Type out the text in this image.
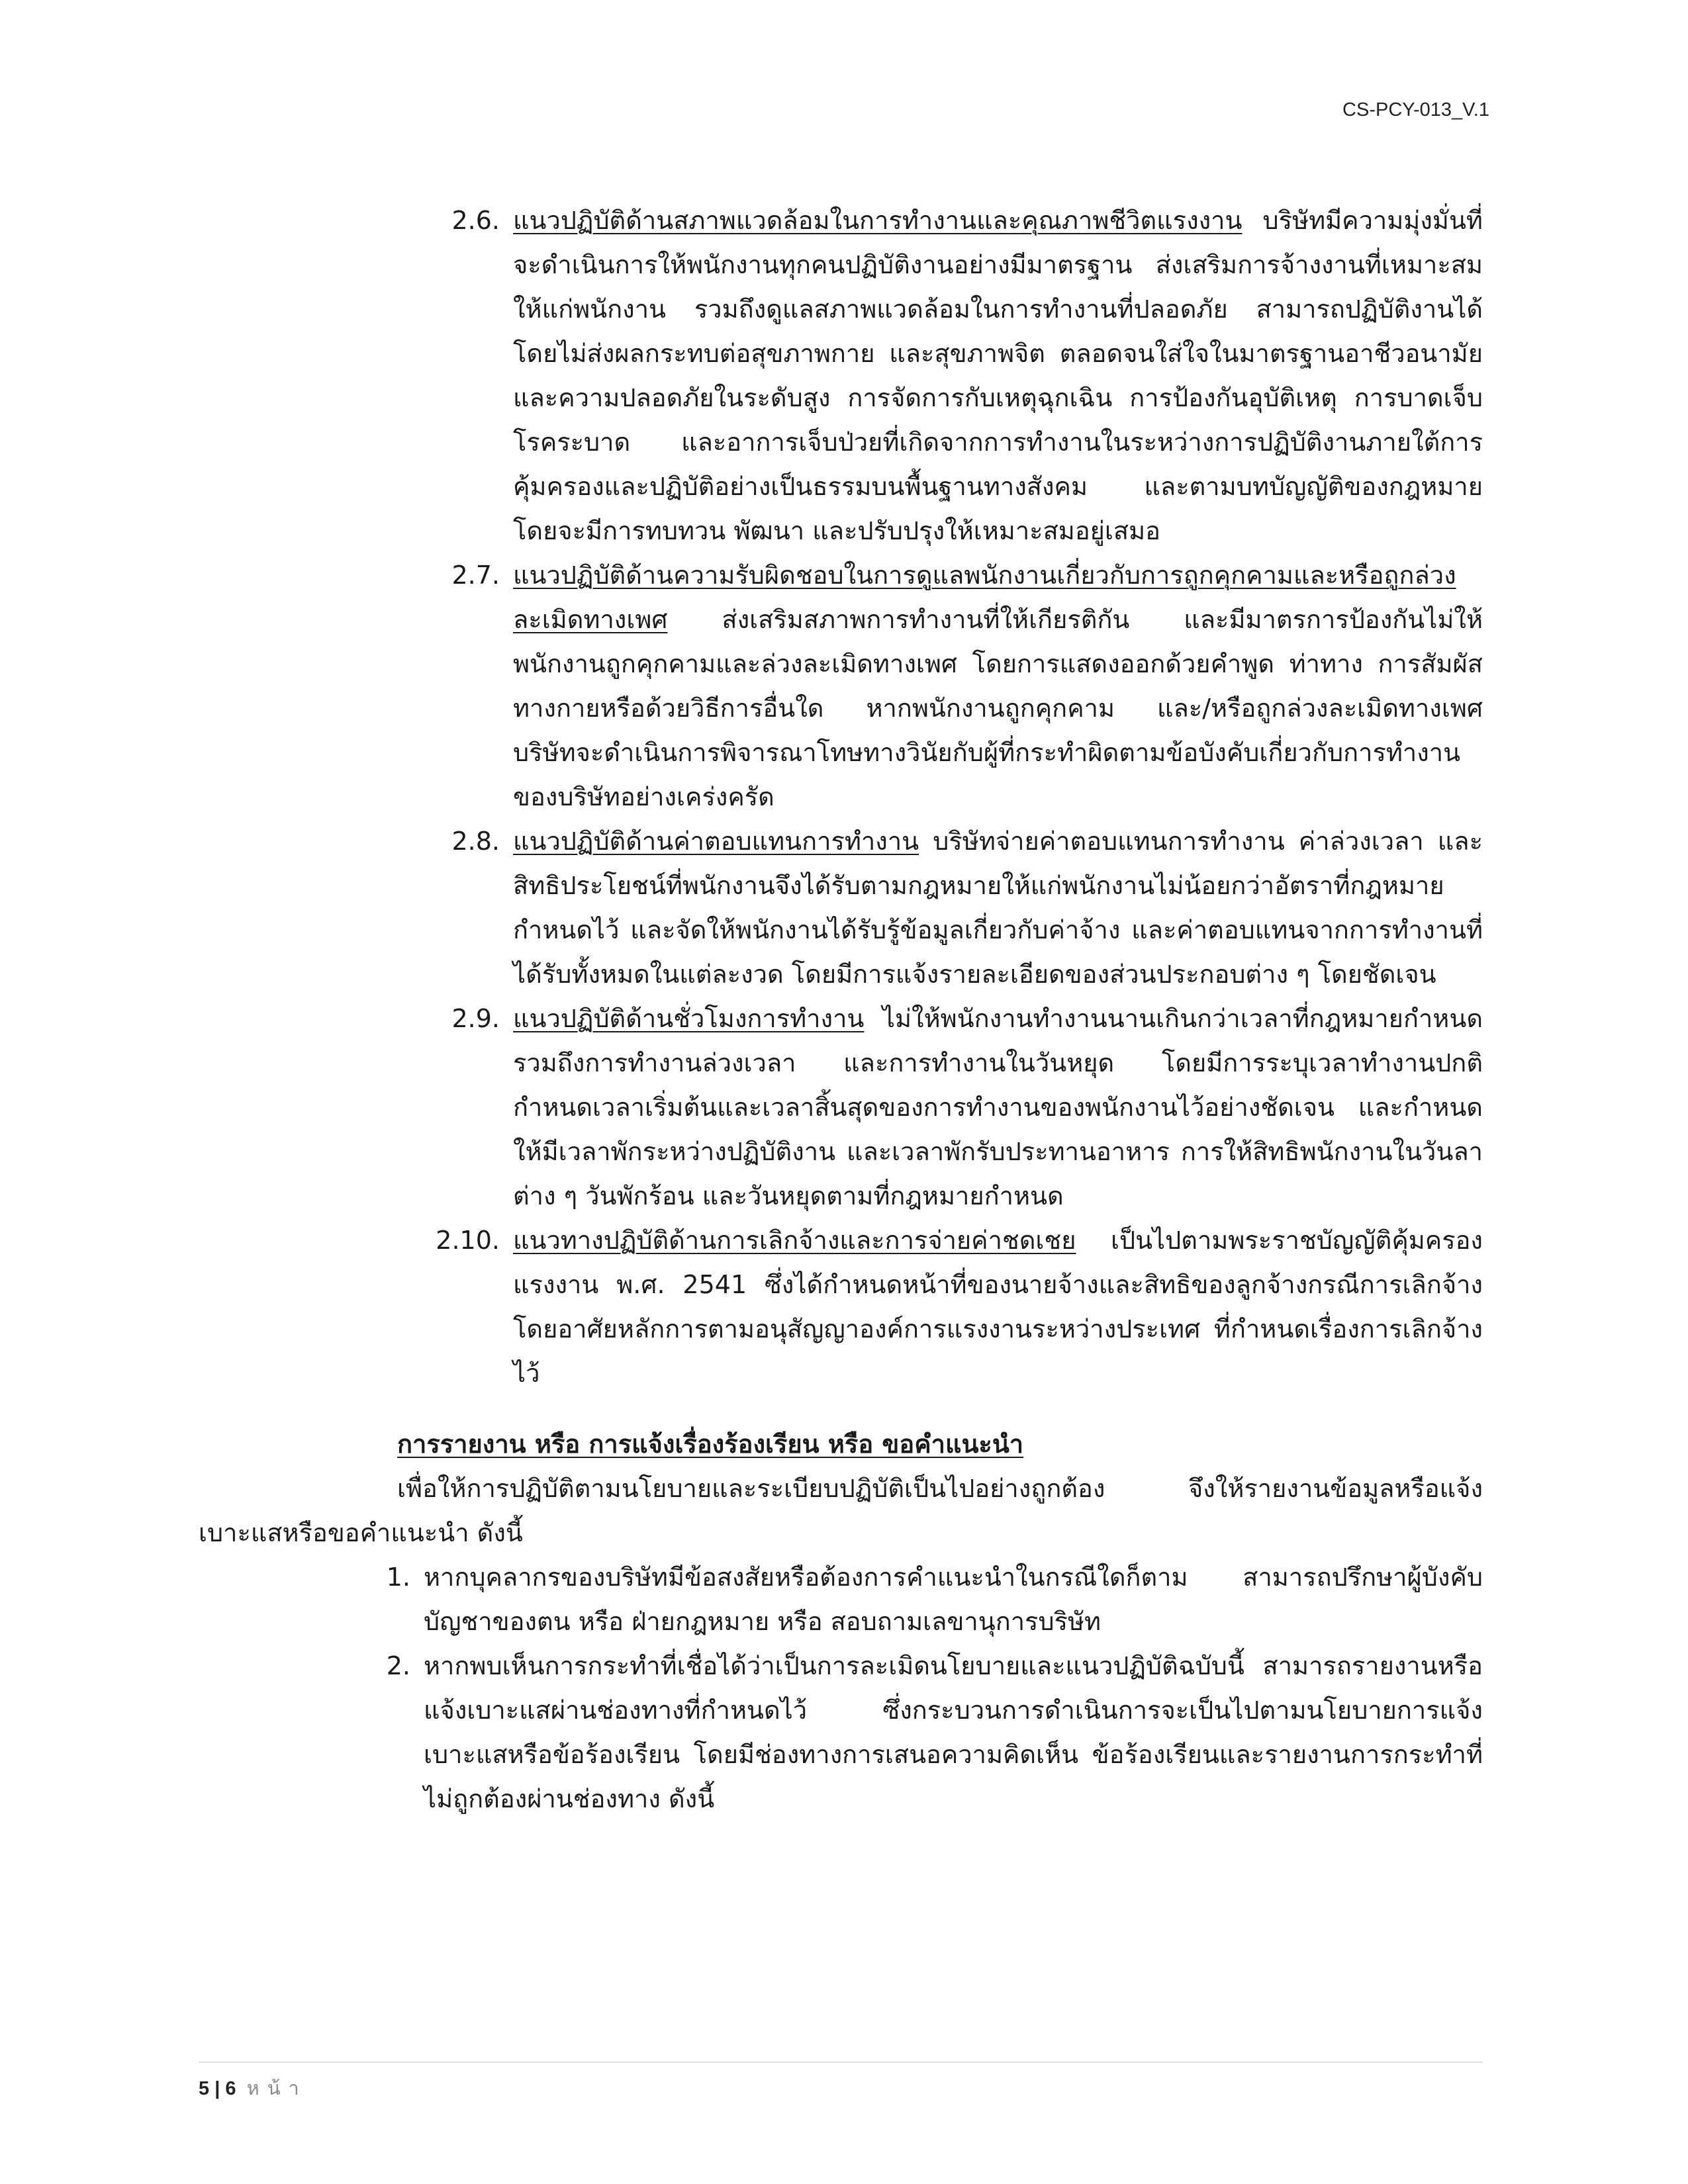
CS-PCY-013_V.1
2.6. แนวปฏิบัติด้านสภาพแวดล้อมในการทำงานและคุณภาพชีวิตแรงงาน บริษัทมีความมุ่งมั่นที่จะดำเนินการให้พนักงานทุกคนปฏิบัติงานอย่างมีมาตรฐาน ส่งเสริมการจ้างงานที่เหมาะสมให้แก่พนักงาน รวมถึงดูแลสภาพแวดล้อมในการทำงานที่ปลอดภัย สามารถปฏิบัติงานได้โดยไม่ส่งผลกระทบต่อสุขภาพกาย และสุขภาพจิต ตลอดจนใส่ใจในมาตรฐานอาชีวอนามัยและความปลอดภัยในระดับสูง การจัดการกับเหตุฉุกเฉิน การป้องกันอุบัติเหตุ การบาดเจ็บ โรคระบาด และอาการเจ็บป่วยที่เกิดจากการทำงานในระหว่างการปฏิบัติงานภายใต้การคุ้มครองและปฏิบัติอย่างเป็นธรรมบนพื้นฐานทางสังคม และตามบทบัญญัติของกฎหมาย โดยจะมีการทบทวน พัฒนา และปรับปรุงให้เหมาะสมอยู่เสมอ
2.7. แนวปฏิบัติด้านความรับผิดชอบในการดูแลพนักงานเกี่ยวกับการถูกคุกคามและหรือถูกล่วงละเมิดทางเพศ ส่งเสริมสภาพการทำงานที่ให้เกียรติกัน และมีมาตรการป้องกันไม่ให้พนักงานถูกคุกคามและล่วงละเมิดทางเพศ โดยการแสดงออกด้วยคำพูด ท่าทาง การสัมผัสทางกายหรือด้วยวิธีการอื่นใด หากพนักงานถูกคุกคาม และ/หรือถูกล่วงละเมิดทางเพศ บริษัทจะดำเนินการพิจารณาโทษทางวินัยกับผู้ที่กระทำผิดตามข้อบังคับเกี่ยวกับการทำงานของบริษัทอย่างเคร่งครัด
2.8. แนวปฏิบัติด้านค่าตอบแทนการทำงาน บริษัทจ่ายค่าตอบแทนการทำงาน ค่าล่วงเวลา และสิทธิประโยชน์ที่พนักงานจึงได้รับตามกฎหมายให้แก่พนักงานไม่น้อยกว่าอัตราที่กฎหมายกำหนดไว้ และจัดให้พนักงานได้รับรู้ข้อมูลเกี่ยวกับค่าจ้าง และค่าตอบแทนจากการทำงานที่ได้รับทั้งหมดในแต่ละงวด โดยมีการแจ้งรายละเอียดของส่วนประกอบต่าง ๆ โดยชัดเจน
2.9. แนวปฏิบัติด้านชั่วโมงการทำงาน ไม่ให้พนักงานทำงานนานเกินกว่าเวลาที่กฎหมายกำหนดรวมถึงการทำงานล่วงเวลา และการทำงานในวันหยุด โดยมีการระบุเวลาทำงานปกติกำหนดเวลาเริ่มต้นและเวลาสิ้นสุดของการทำงานของพนักงานไว้อย่างชัดเจน และกำหนดให้มีเวลาพักระหว่างปฏิบัติงาน และเวลาพักรับประทานอาหาร การให้สิทธิพนักงานในวันลาต่าง ๆ วันพักร้อน และวันหยุดตามที่กฎหมายกำหนด
2.10. แนวทางปฏิบัติด้านการเลิกจ้างและการจ่ายค่าชดเชย เป็นไปตามพระราชบัญญัติคุ้มครองแรงงาน พ.ศ. 2541 ซึ่งได้กำหนดหน้าที่ของนายจ้างและสิทธิของลูกจ้างกรณีการเลิกจ้าง โดยอาศัยหลักการตามอนุสัญญาองค์การแรงงานระหว่างประเทศ ที่กำหนดเรื่องการเลิกจ้างไว้
การรายงาน หรือ การแจ้งเรื่องร้องเรียน หรือ ขอคำแนะนำ
เพื่อให้การปฏิบัติตามนโยบายและระเบียบปฏิบัติเป็นไปอย่างถูกต้อง จึงให้รายงานข้อมูลหรือแจ้งเบาะแสหรือขอคำแนะนำ ดังนี้
1. หากบุคลากรของบริษัทมีข้อสงสัยหรือต้องการคำแนะนำในกรณีใดก็ตาม สามารถปรึกษาผู้บังคับบัญชาของตน หรือ ฝ่ายกฎหมาย หรือ สอบถามเลขานุการบริษัท
2. หากพบเห็นการกระทำที่เชื่อได้ว่าเป็นการละเมิดนโยบายและแนวปฏิบัติฉบับนี้ สามารถรายงานหรือแจ้งเบาะแสผ่านช่องทางที่กำหนดไว้ ซึ่งกระบวนการดำเนินการจะเป็นไปตามนโยบายการแจ้งเบาะแสหรือข้อร้องเรียน โดยมีช่องทางการเสนอความคิดเห็น ข้อร้องเรียนและรายงานการกระทำที่ไม่ถูกต้องผ่านช่องทาง ดังนี้
5 | 6 หน้า
